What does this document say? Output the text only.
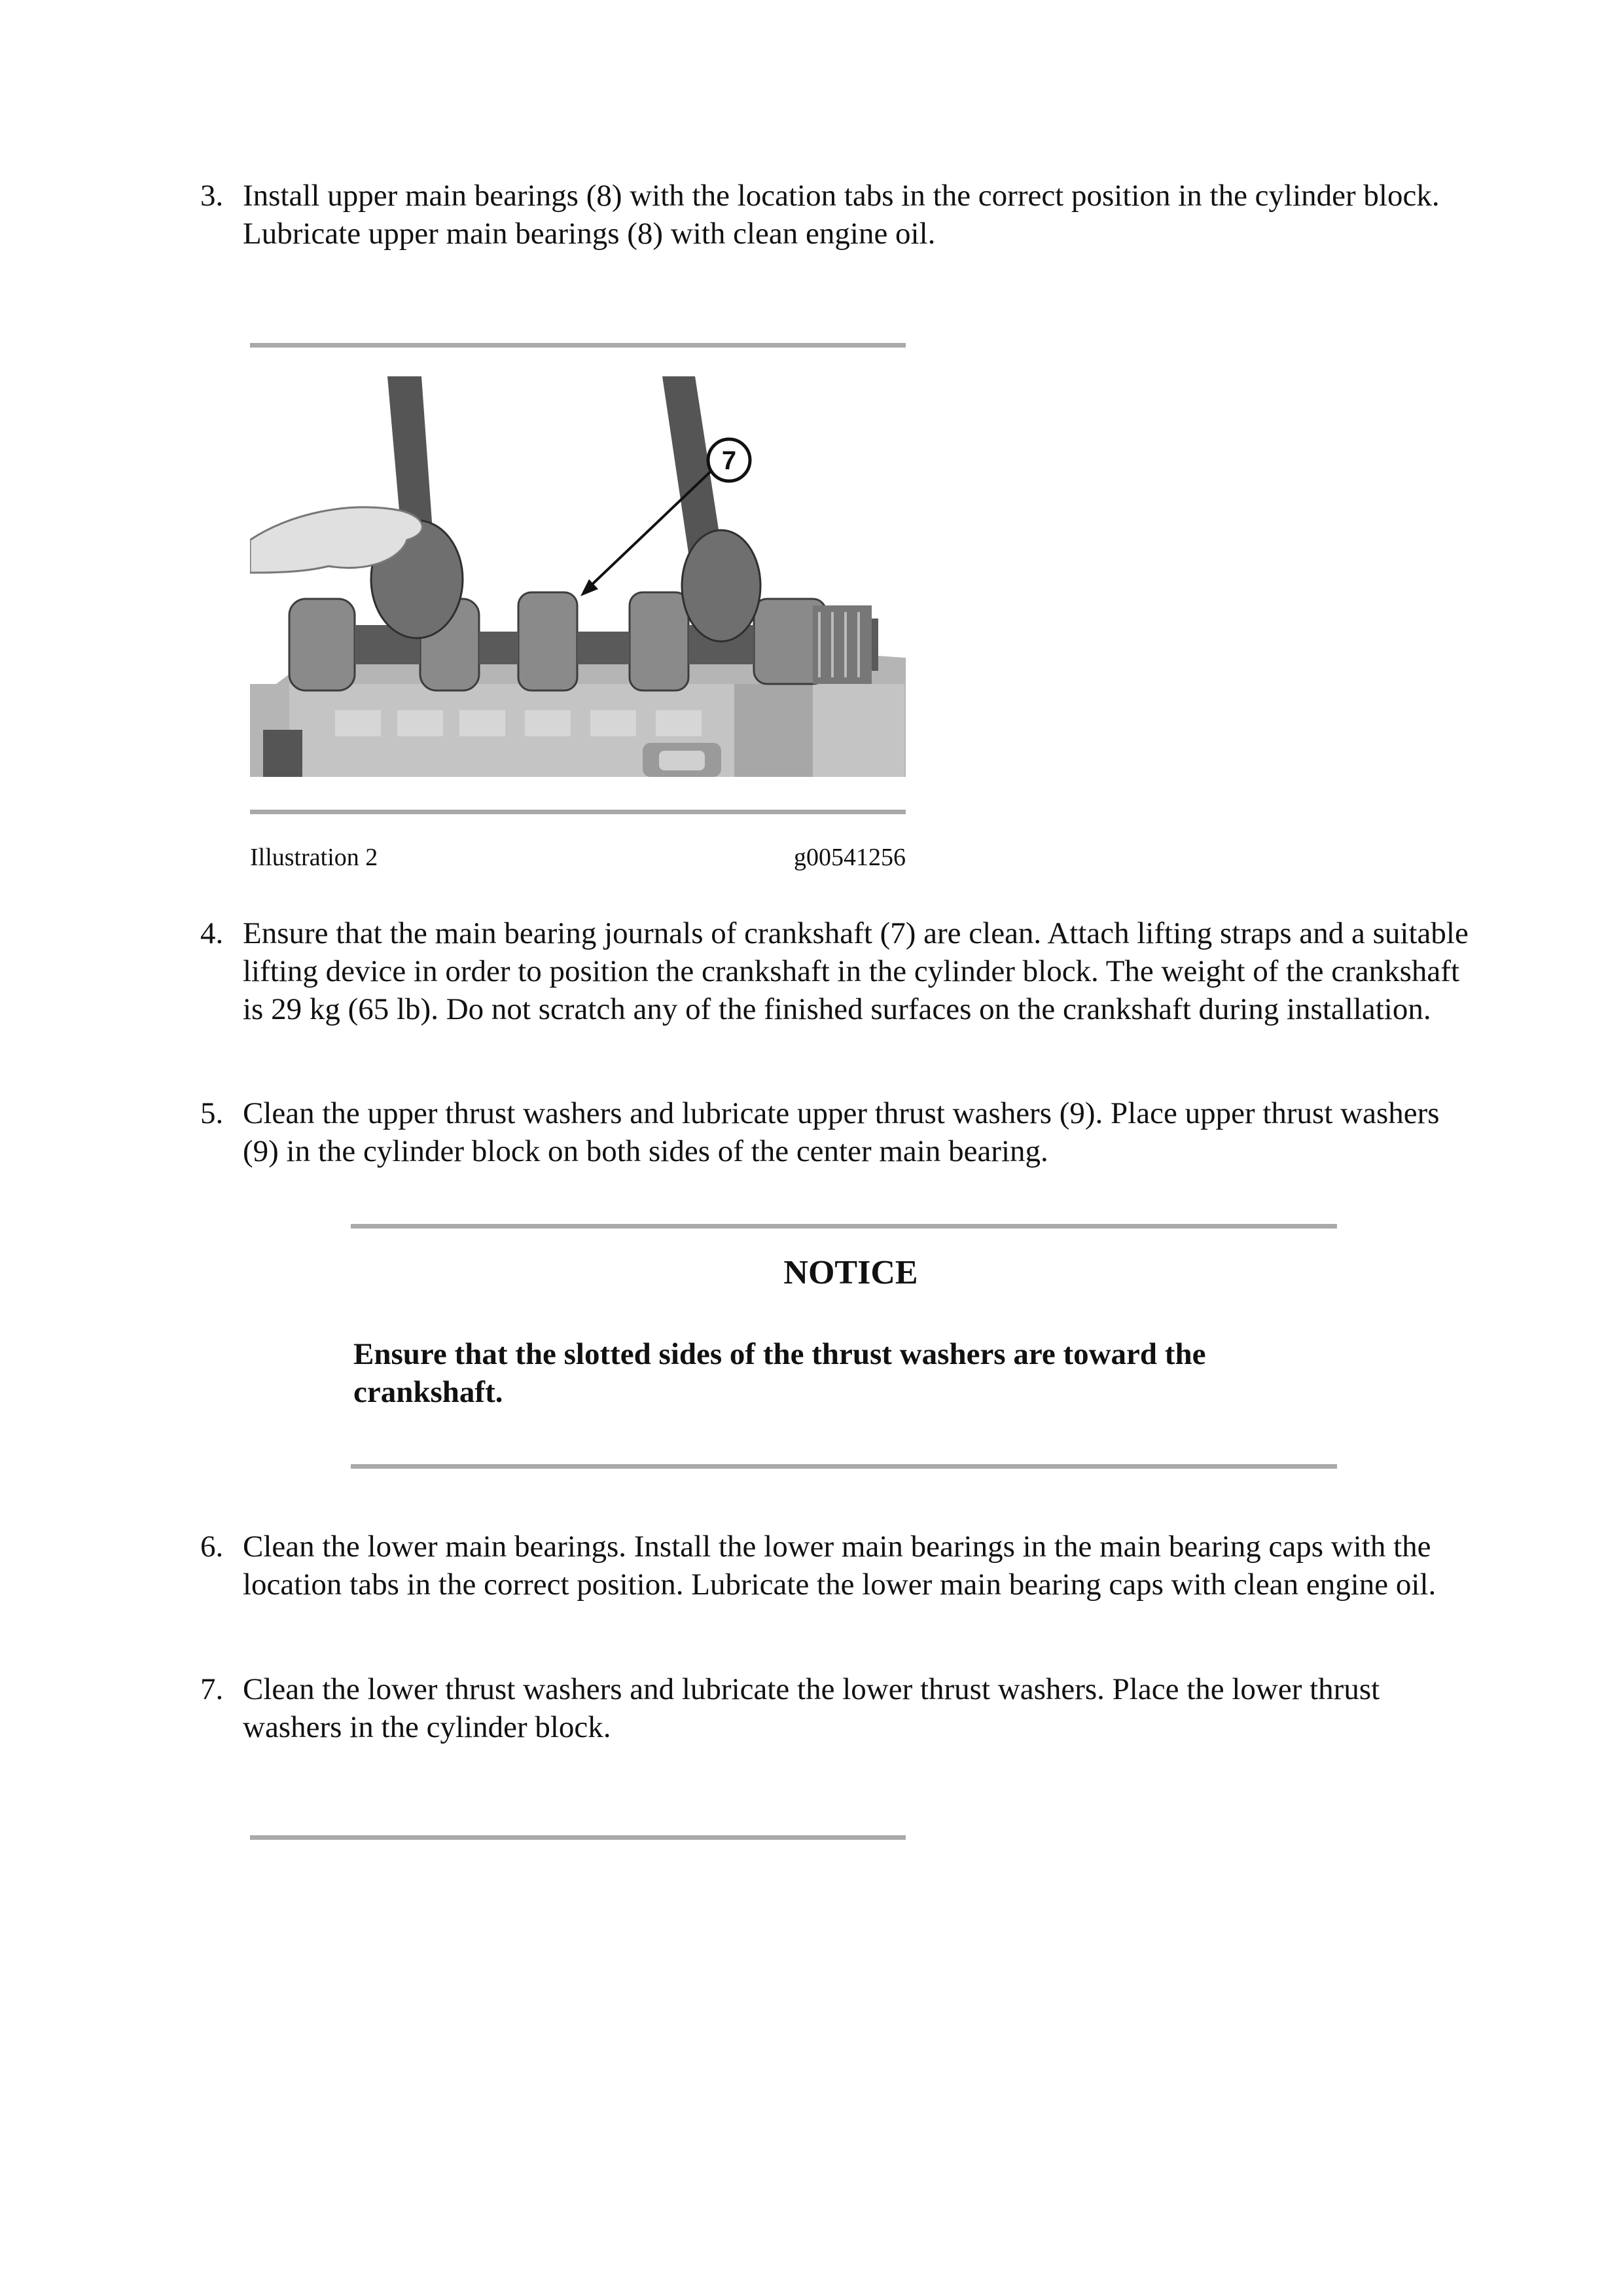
3. Install upper main bearings (8) with the location tabs in the correct position in the cylinder block. Lubricate upper main bearings (8) with clean engine oil.
7
Illustration 2	g00541256
4. Ensure that the main bearing journals of crankshaft (7) are clean. Attach lifting straps and a suitable lifting device in order to position the crankshaft in the cylinder block. The weight of the crankshaft is 29 kg (65 lb). Do not scratch any of the finished surfaces on the crankshaft during installation.
5. Clean the upper thrust washers and lubricate upper thrust washers (9). Place upper thrust washers (9) in the cylinder block on both sides of the center main bearing.
NOTICE
Ensure that the slotted sides of the thrust washers are toward the crankshaft.
6. Clean the lower main bearings. Install the lower main bearings in the main bearing caps with the location tabs in the correct position. Lubricate the lower main bearing caps with clean engine oil.
7. Clean the lower thrust washers and lubricate the lower thrust washers. Place the lower thrust washers in the cylinder block.
